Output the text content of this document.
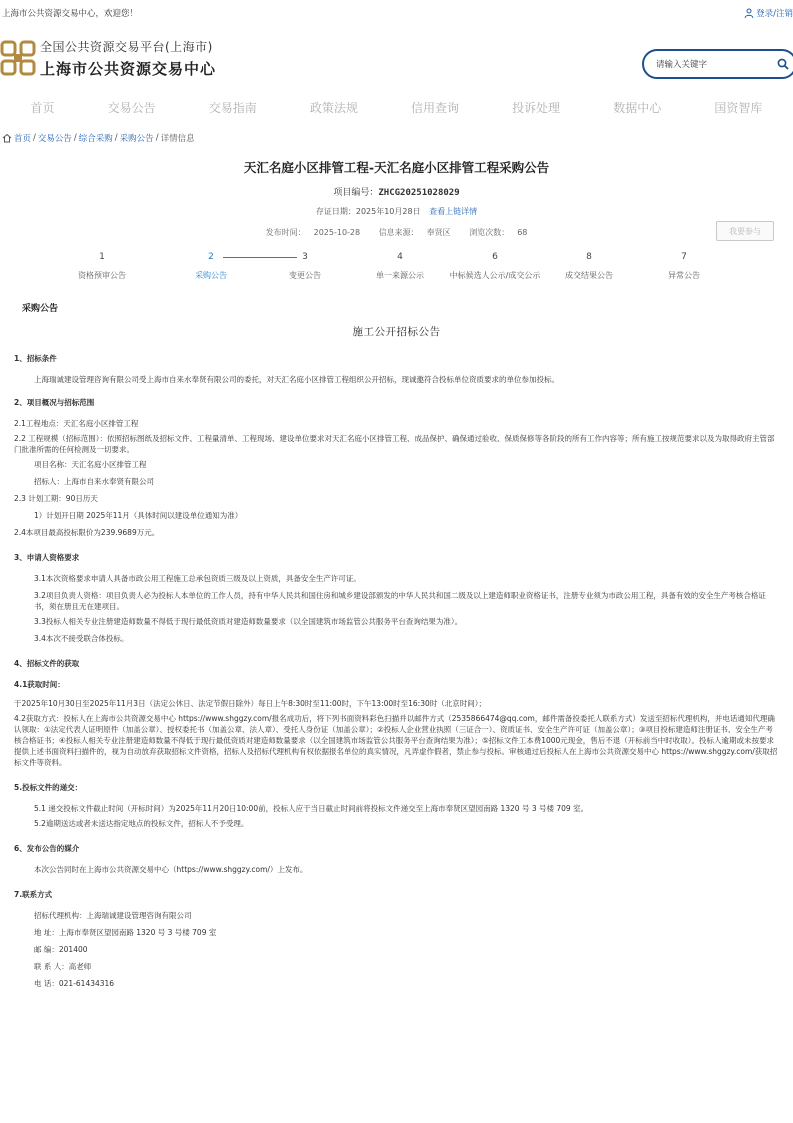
上海市公共资源交易中心，欢迎您！	登录/注销
全国公共资源交易平台(上海市)
上海市公共资源交易中心	请输入关键字
首页	交易公告	交易指南	政策法规	信用查询	投诉处理	数据中心	国资智库
首页 / 交易公告 / 综合采购 / 采购公告 / 详情信息
天汇名庭小区排管工程-天汇名庭小区排管工程采购公告
项目编号：ZHCG20251028029
存证日期：2025年10月28日 查看上链详情
发布时间： 2025-10-28 信息来源： 奉贤区 浏览次数： 68	我要参与
1
资格预审公告
2
采购公告
3
变更公告
4
单一来源公示
6
中标候选人公示/成交公示
8
成交结果公告
7
异常公告
采购公告
施工公开招标公告

1、招标条件

上海瑞诚建设管理咨询有限公司受上海市自来水奉贤有限公司的委托，对天汇名庭小区排管工程组织公开招标，现诚邀符合投标单位资质要求的单位参加投标。

2、项目概况与招标范围

2.1工程地点：天汇名庭小区排管工程

2.2 工程规模（招标范围）：依照招标图纸及招标文件、工程量清单、工程现场、建设单位要求对天汇名庭小区排管工程、成品保护、确保通过验收、保质保修等各阶段的所有工作内容等；所有施工按规范要求以及为取得政府主管部门批准所需的任何检测及一切要求。

项目名称：天汇名庭小区排管工程

招标人：上海市自来水奉贤有限公司

2.3 计划工期：90日历天

1）计划开日期 2025年11月（具体时间以建设单位通知为准）

2.4本项目最高投标限价为239.9689万元。

3、申请人资格要求

3.1本次资格要求申请人具备市政公用工程施工总承包资质三级及以上资质，具备安全生产许可证。

3.2项目负责人资格：项目负责人必为投标人本单位的工作人员，持有中华人民共和国住房和城乡建设部颁发的中华人民共和国二级及以上建造师职业资格证书，注册专业须为市政公用工程，具备有效的安全生产考核合格证书，须在册且无在建项目。

3.3投标人相关专业注册建造师数量不得低于现行最低资质对建造师数量要求（以全国建筑市场监管公共服务平台查询结果为准）。

3.4本次不接受联合体投标。

4、招标文件的获取

4.1获取时间：

于2025年10月30日至2025年11月3日（法定公休日、法定节假日除外）每日上午8:30时至11:00时，下午13:00时至16:30时（北京时间）；

4.2获取方式：投标人在上海市公共资源交易中心 https://www.shggzy.com/报名成功后，将下列书面资料彩色扫描并以邮件方式（2535866474@qq.com，邮件需备投委托人联系方式）发送至招标代理机构，并电话通知代理确认领取：①法定代表人证明原件（加盖公章）、授权委托书（加盖公章、法人章）、受托人身份证（加盖公章）；②投标人企业营业执照（三证合一）、资质证书、安全生产许可证（加盖公章）；③项目投标建造师注册证书、安全生产考核合格证书；④投标人相关专业注册建造师数量不得低于现行最低资质对建造师数量要求（以全国建筑市场监管公共服务平台查询结果为准）；⑤招标文件工本费1000元现金，售后不退（开标前当中时收取）。投标人逾期或未按要求提供上述书面资料扫描件的，视为自动放弃获取招标文件资格，招标人及招标代理机构有权依据报名单位的真实情况，凡弄虚作假者，禁止参与投标。审核通过后投标人在上海市公共资源交易中心 https://www.shggzy.com/获取招标文件等资料。

5.投标文件的递交：

5.1 递交投标文件截止时间（开标时间）为2025年11月20日10:00前，投标人应于当日截止时间前将投标文件递交至上海市奉贤区望园南路 1320 号 3 号楼 709 室。

5.2逾期送达或者未送达指定地点的投标文件，招标人不予受理。

6、发布公告的媒介

本次公告同时在上海市公共资源交易中心（https://www.shggzy.com/）上发布。

7.联系方式

招标代理机构：上海瑞诚建设管理咨询有限公司

地 址：上海市奉贤区望园南路 1320 号 3 号楼 709 室

邮 编：201400

联 系 人：高老师

电 话：021-61434316
